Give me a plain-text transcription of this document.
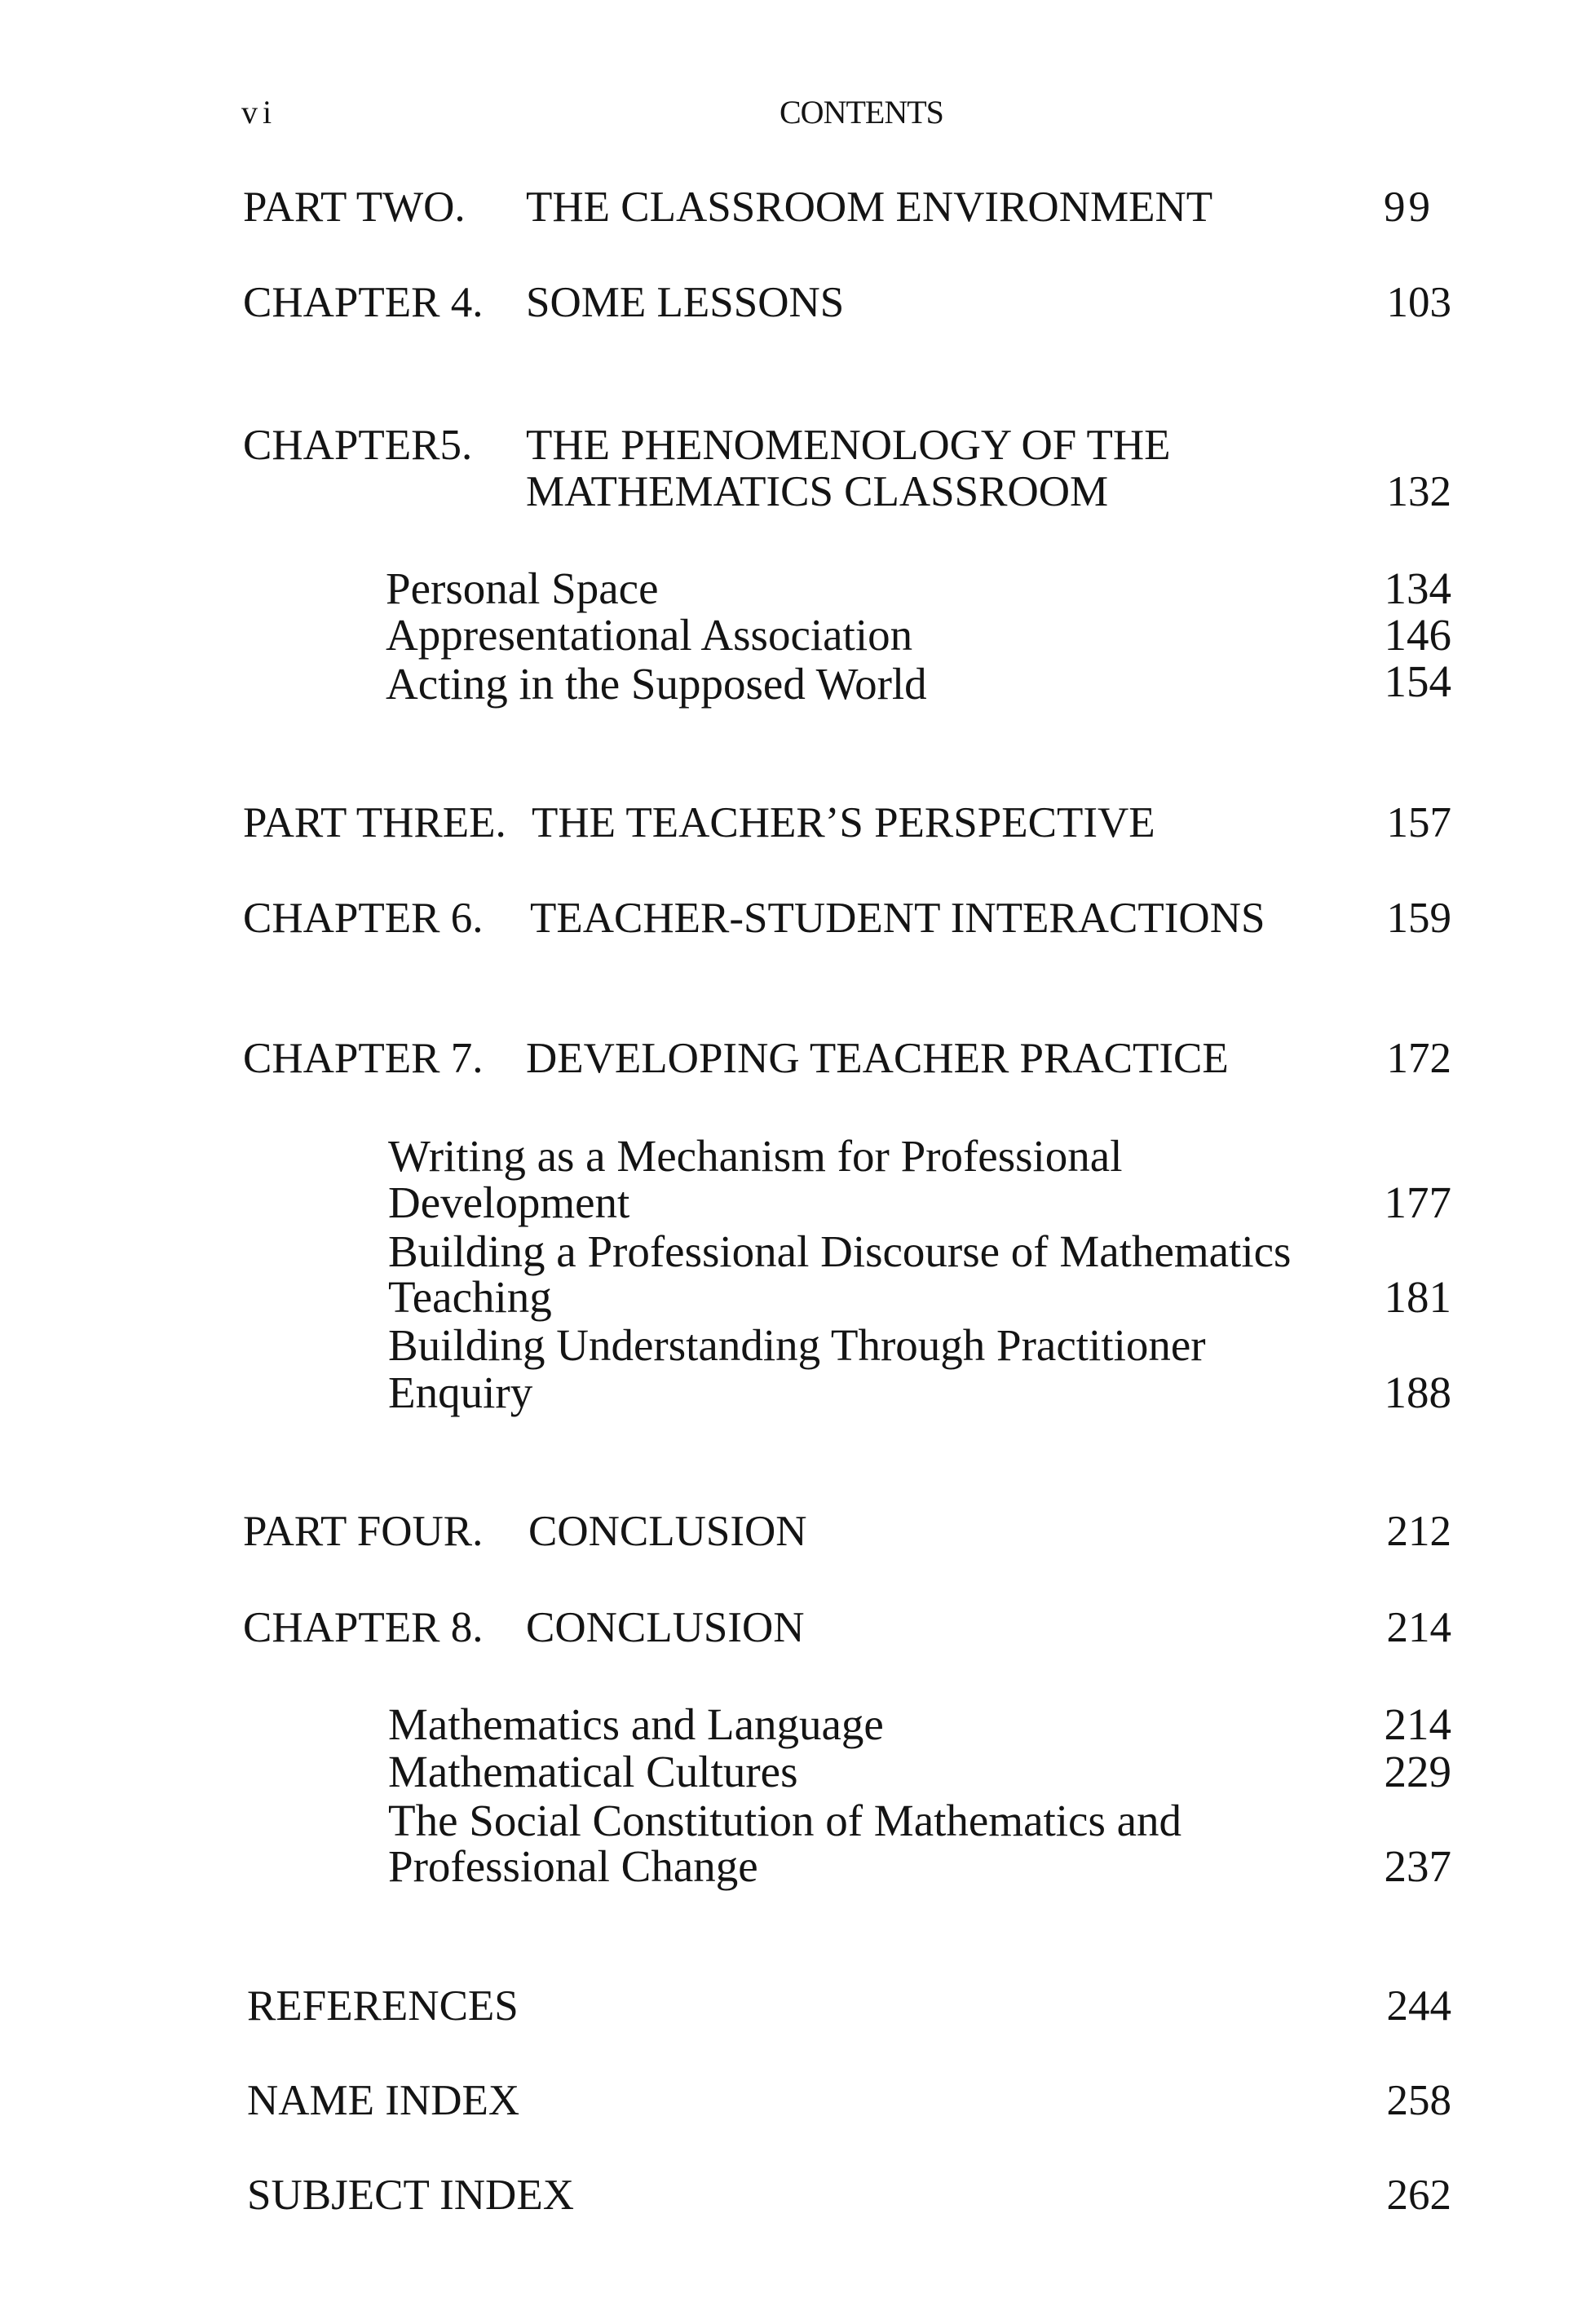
vi	CONTENTS
PART TWO. THE CLASSROOM ENVIRONMENT	99
CHAPTER 4. SOME LESSONS	103
CHAPTER5. THE PHENOMENOLOGY OF THE
MATHEMATICS CLASSROOM	132
Personal Space	134
Appresentational Association	146
Acting in the Supposed World	154
PART THREE. THE TEACHER’S PERSPECTIVE	157
CHAPTER 6. TEACHER-STUDENT INTERACTIONS	159
CHAPTER 7. DEVELOPING TEACHER PRACTICE	172
Writing as a Mechanism for Professional
Development	177
Building a Professional Discourse of Mathematics
Teaching	181
Building Understanding Through Practitioner
Enquiry	188
PART FOUR. CONCLUSION	212
CHAPTER 8. CONCLUSION	214
Mathematics and Language	214
Mathematical Cultures	229
The Social Constitution of Mathematics and
Professional Change	237
REFERENCES	244
NAME INDEX	258
SUBJECT INDEX	262
